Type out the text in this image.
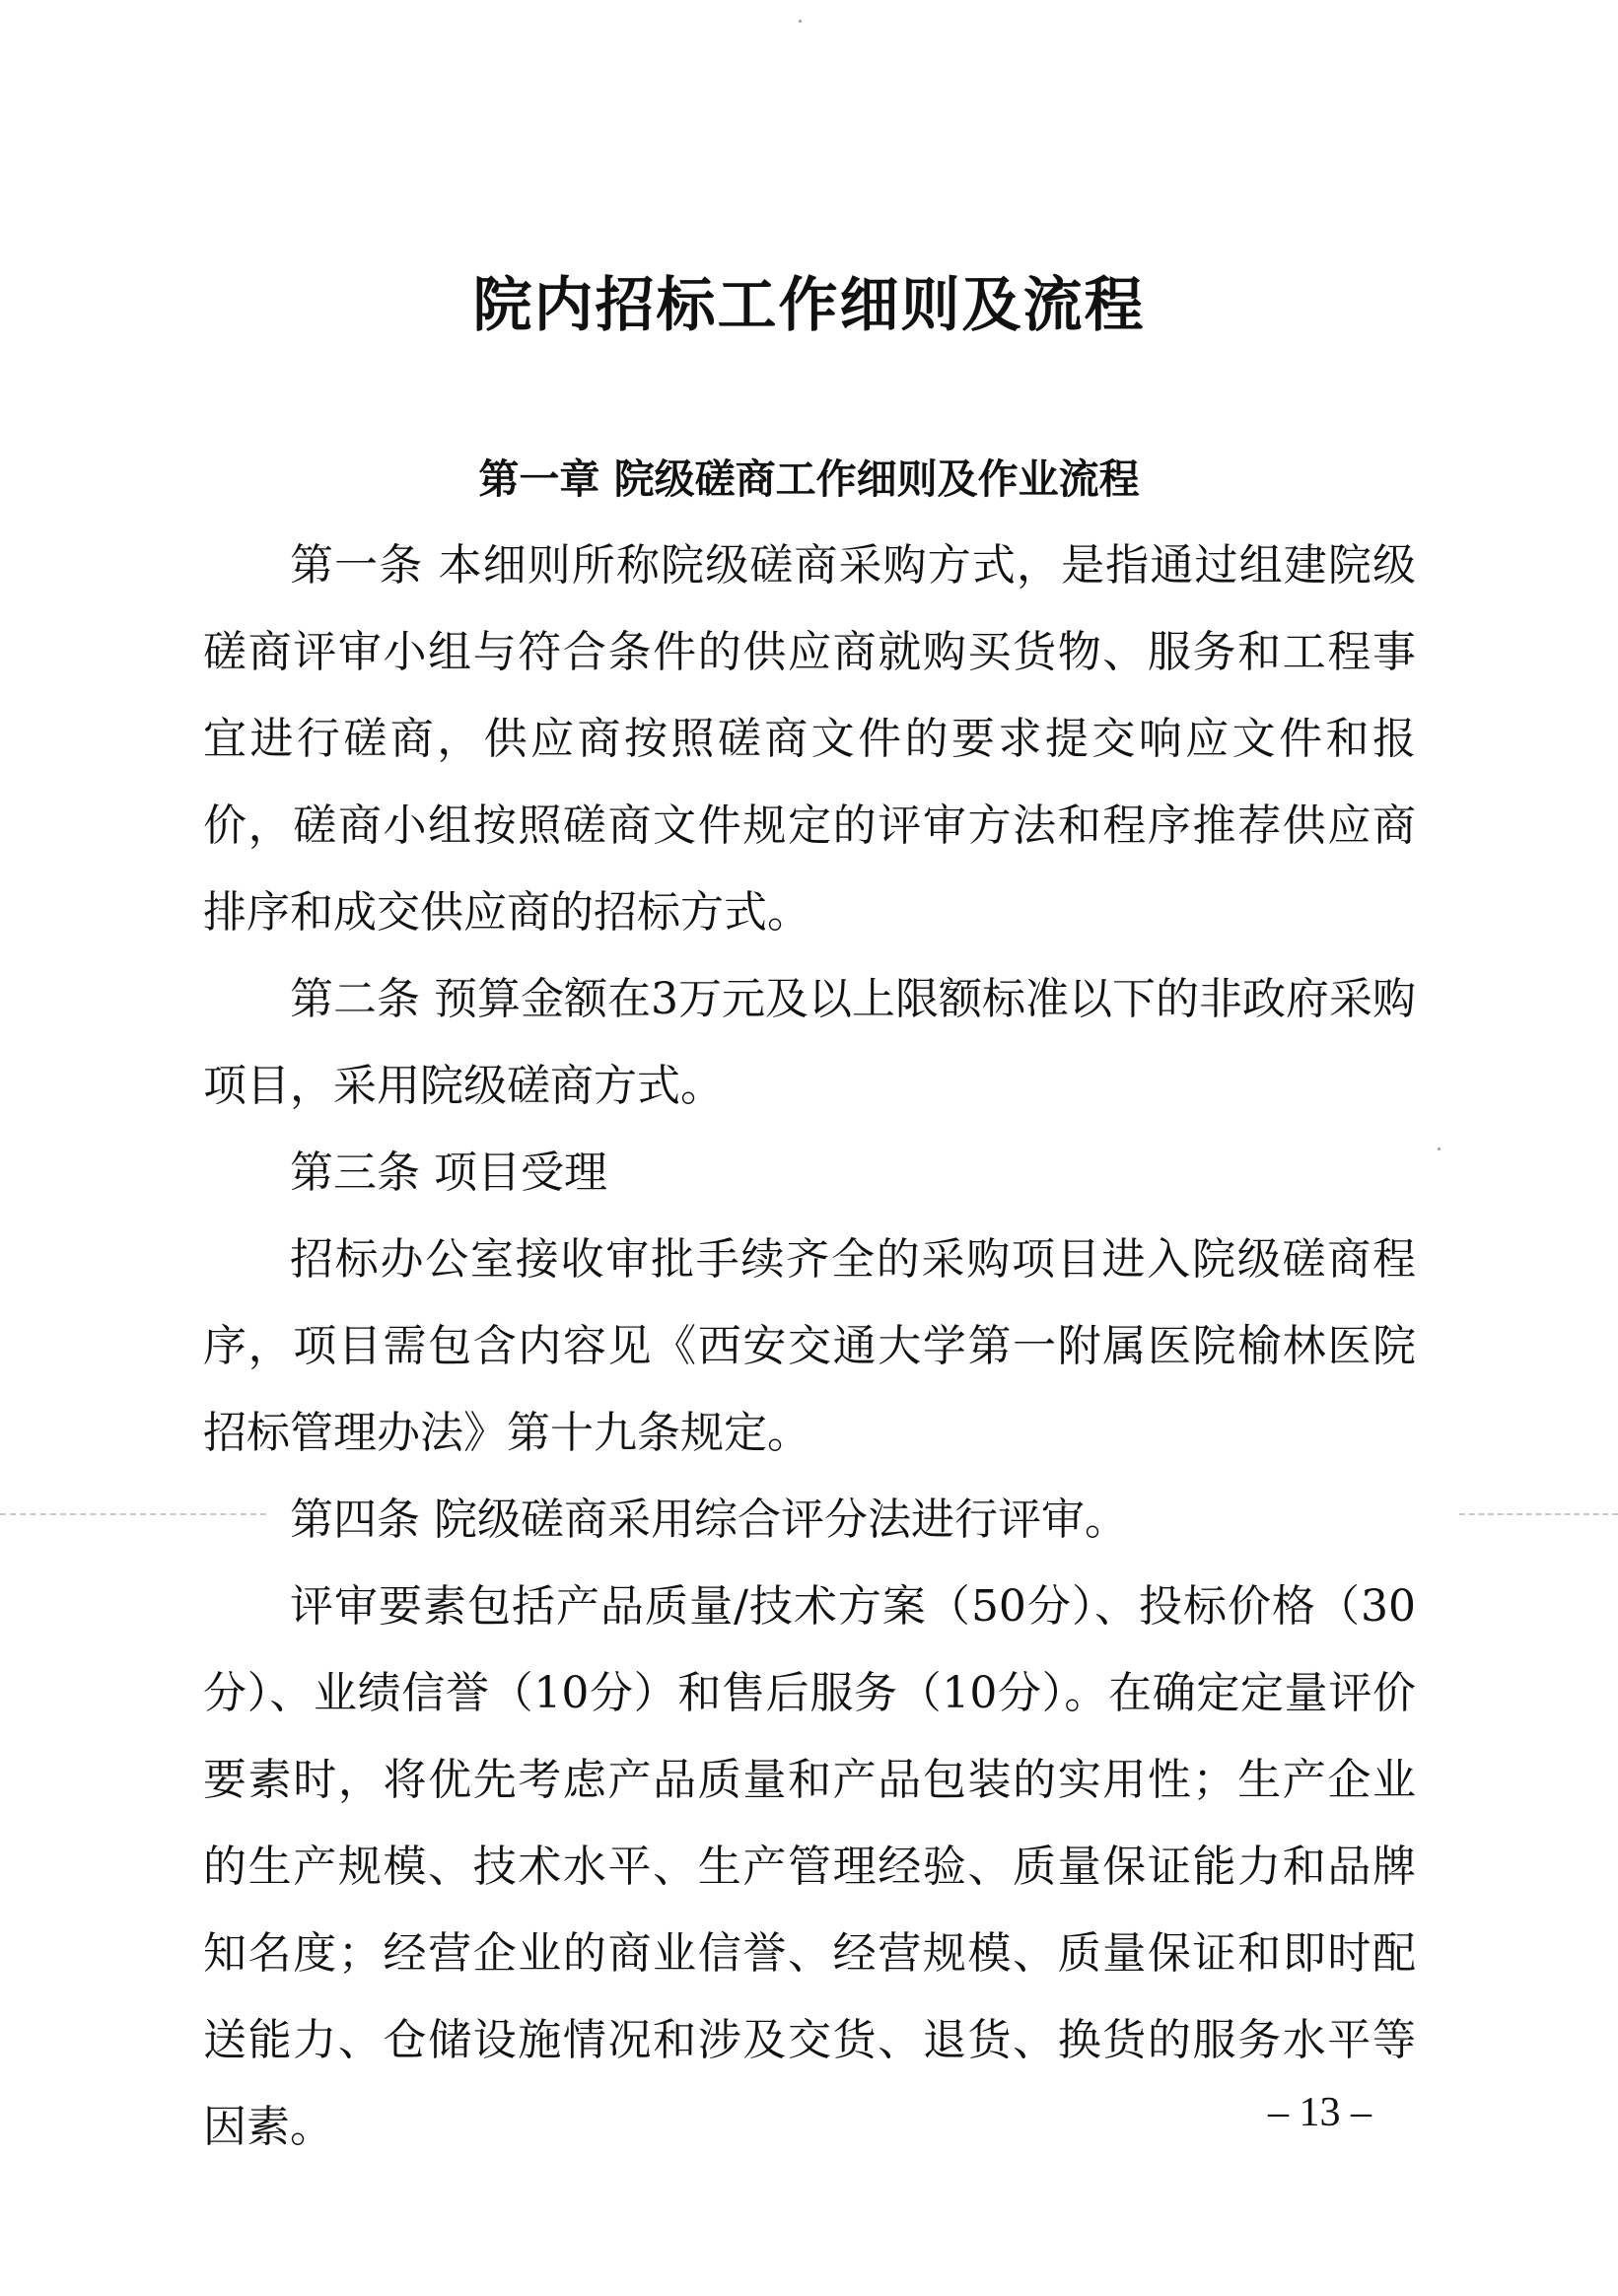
院内招标工作细则及流程
第一章 院级磋商工作细则及作业流程

第一条 本细则所称院级磋商采购方式，是指通过组建院级磋商评审小组与符合条件的供应商就购买货物、服务和工程事宜进行磋商，供应商按照磋商文件的要求提交响应文件和报价，磋商小组按照磋商文件规定的评审方法和程序推荐供应商排序和成交供应商的招标方式。

第二条 预算金额在3万元及以上限额标准以下的非政府采购项目，采用院级磋商方式。

第三条 项目受理

招标办公室接收审批手续齐全的采购项目进入院级磋商程序，项目需包含内容见《西安交通大学第一附属医院榆林医院招标管理办法》第十九条规定。

第四条 院级磋商采用综合评分法进行评审。

评审要素包括产品质量/技术方案（50分）、投标价格（30分）、业绩信誉（10分）和售后服务（10分）。在确定定量评价要素时，将优先考虑产品质量和产品包装的实用性；生产企业的生产规模、技术水平、生产管理经验、质量保证能力和品牌知名度；经营企业的商业信誉、经营规模、质量保证和即时配送能力、仓储设施情况和涉及交货、退货、换货的服务水平等因素。	– 13 –
